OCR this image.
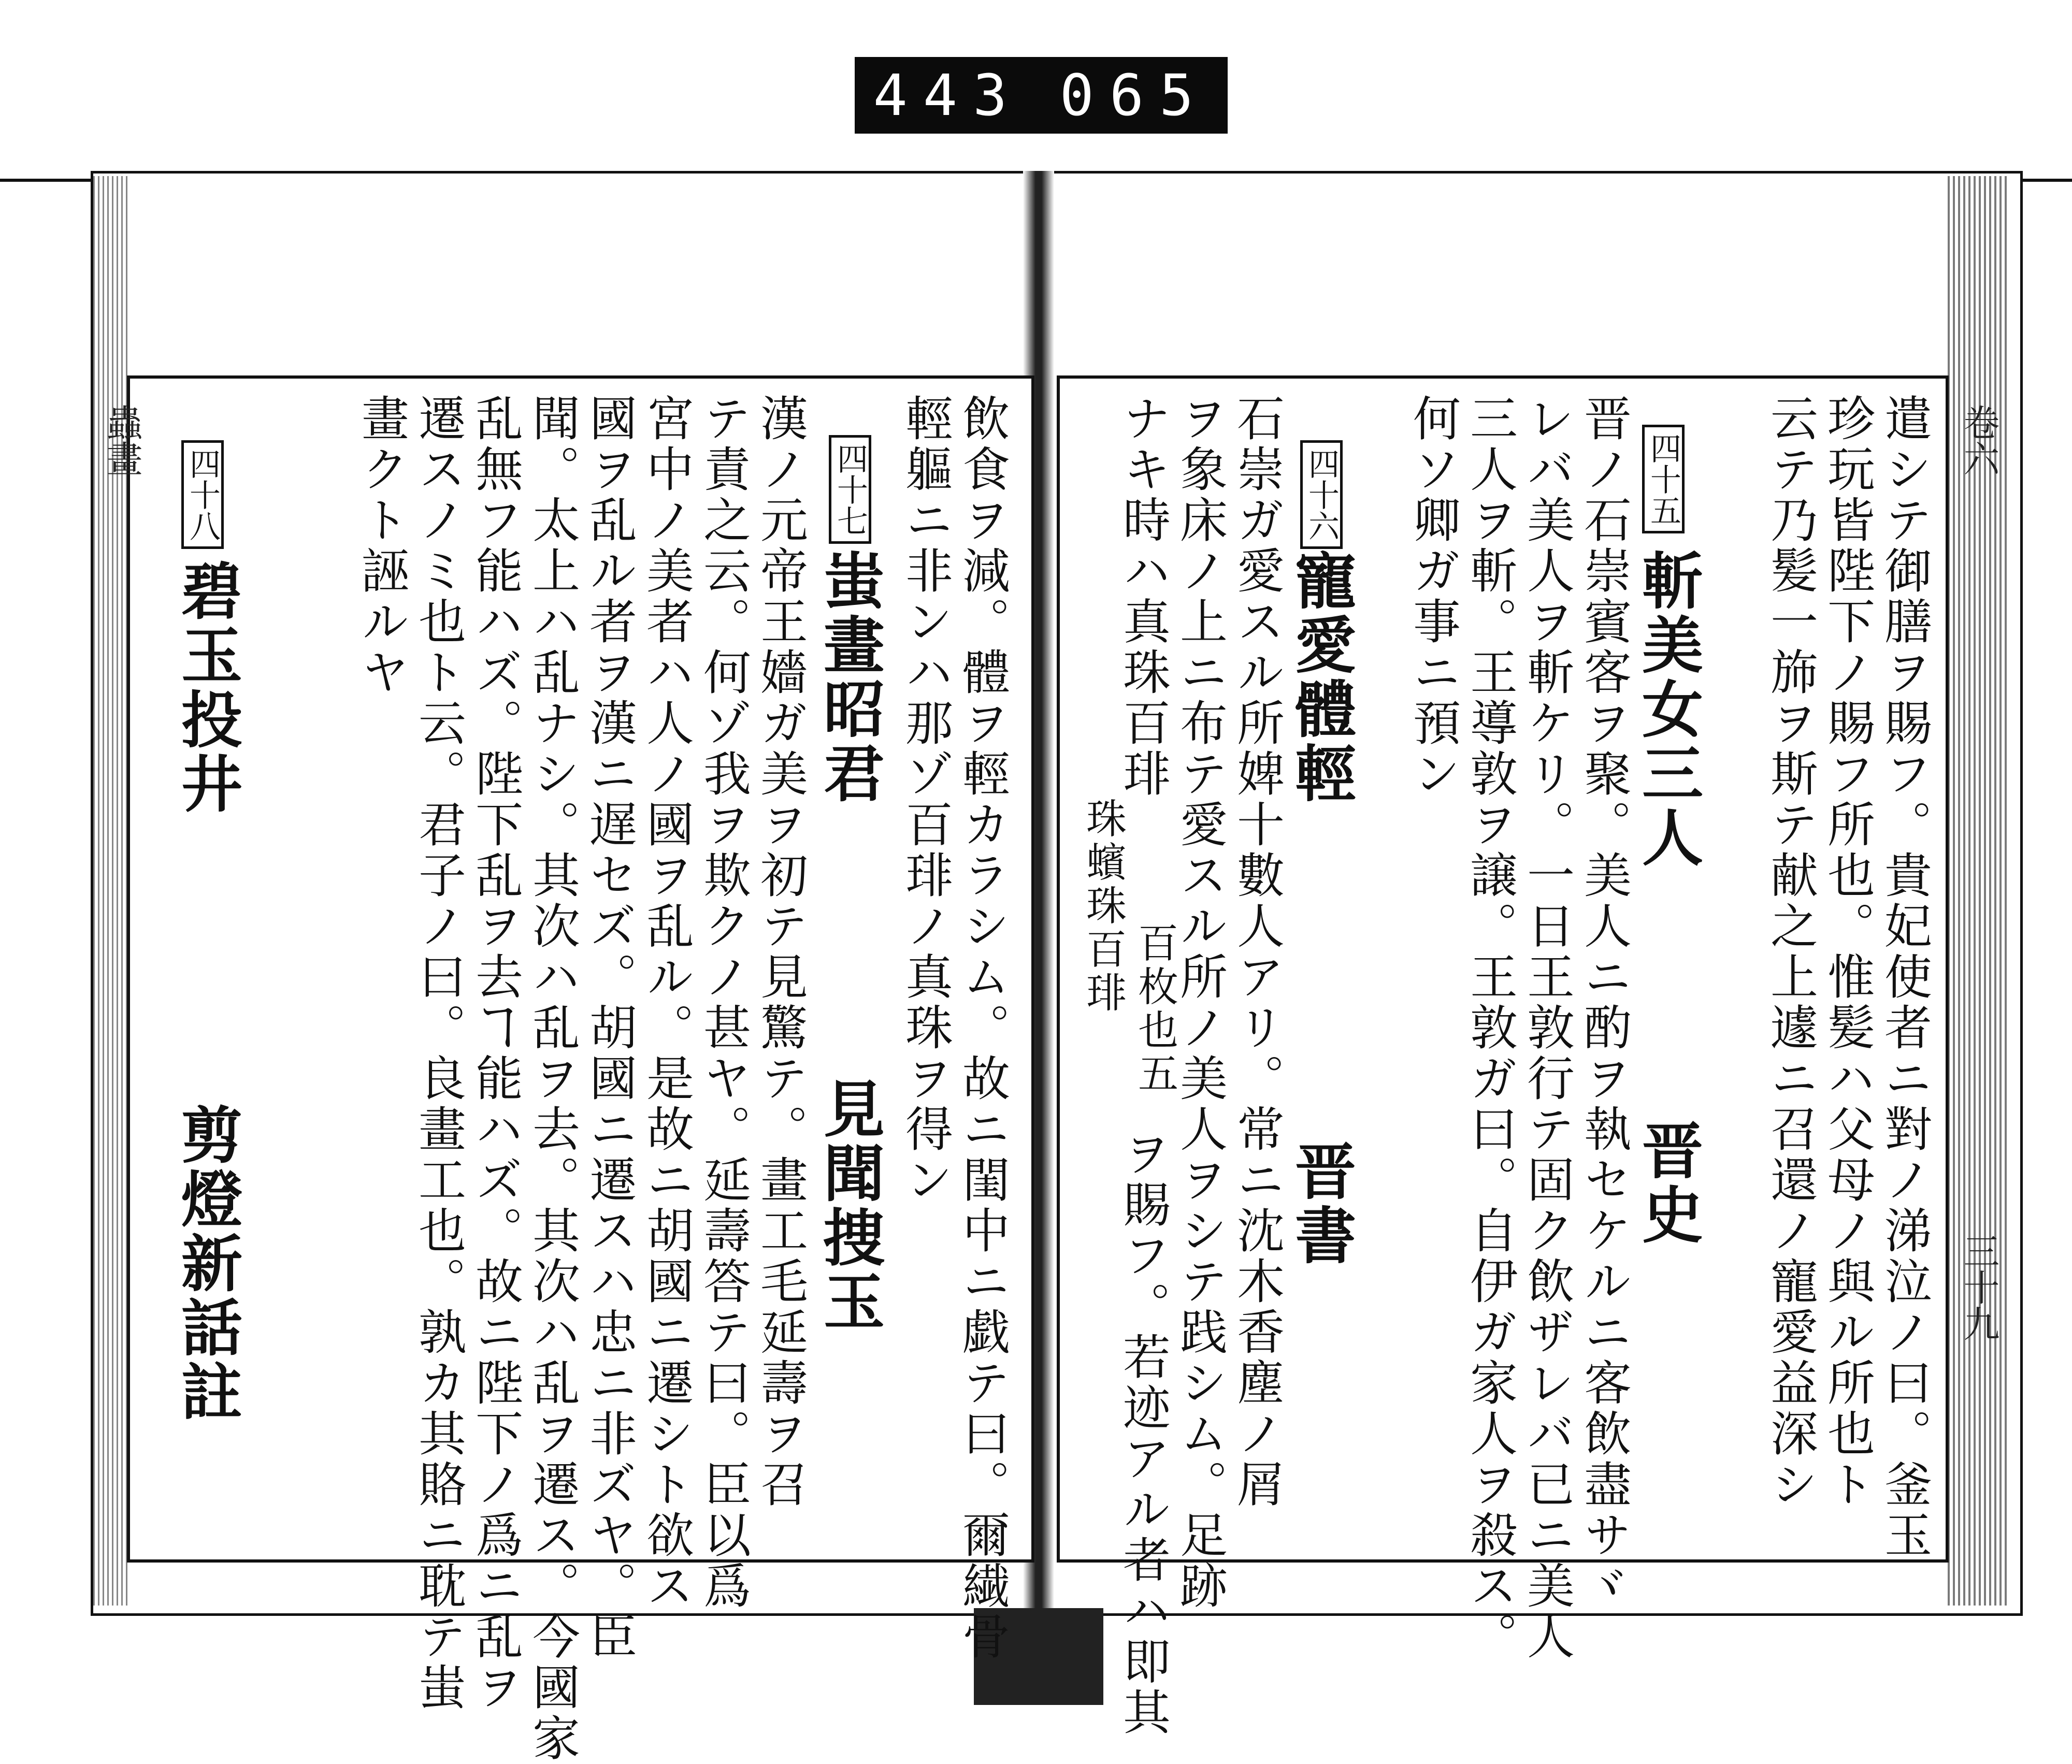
443 065
卷六
三十九
遣シテ御膳ヲ賜フ。貴妃使者ニ對ノ涕泣ノ曰。釜玉
珍玩皆陛下ノ賜フ所也。惟髪ハ父母ノ與ル所也ト
云テ乃髪一斾ヲ斯テ献之上遽ニ召還ノ寵愛益深シ
四十五
斬美女三人
晋史
晋ノ石崇賓客ヲ聚。美人ニ酌ヲ執セケルニ客飲盡サヾ
レバ美人ヲ斬ケリ。一日王敦行テ固ク飲ザレバ已ニ美人
三人ヲ斬。王導敦ヲ譲。王敦ガ曰。自伊ガ家人ヲ殺ス。
何ソ卿ガ事ニ預ン
四十六
寵愛體輕
晋書
石崇ガ愛スル所婢十數人アリ。常ニ沈木香塵ノ屑
ヲ象床ノ上ニ布テ愛スル所ノ美人ヲシテ践シム。足跡
ナキ時ハ真珠百琲
ヲ賜フ。若迹アル者ハ即其
珠蠙珠百琲
百枚也五
蟲畫	飲食ヲ減。體ヲ輕カラシム。故ニ閨中ニ戯テ曰。爾繊骨
輕軀ニ非ンハ那ゾ百琲ノ真珠ヲ得ン
四十七
蚩畫昭君
見聞捜玉
漢ノ元帝王嬙ガ美ヲ初テ見驚テ。畫工毛延壽ヲ召
テ責之云。何ゾ我ヲ欺クノ甚ヤ。延壽答テ曰。臣以爲
宮中ノ美者ハ人ノ國ヲ乱ル。是故ニ胡國ニ遷シト欲ス
國ヲ乱ル者ヲ漢ニ遅セズ。胡國ニ遷スハ忠ニ非ズヤ。臣
聞。太上ハ乱ナシ。其次ハ乱ヲ去。其次ハ乱ヲ遷ス。今國家
乱無フ能ハズ。陛下乱ヲ去ヿ能ハズ。故ニ陛下ノ爲ニ乱ヲ
遷スノミ也ト云。君子ノ曰。良畫工也。孰カ其賂ニ耽テ蚩
畫クト誣ルヤ
四十八
碧玉投井
剪燈新話註
